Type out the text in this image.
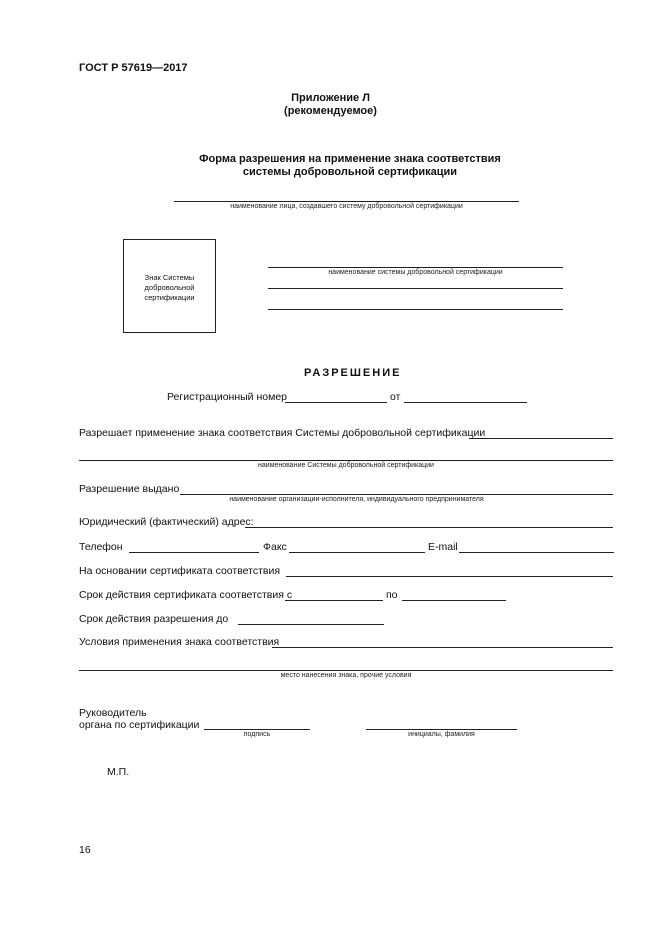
ГОСТ Р 57619—2017
Приложение Л
(рекомендуемое)
Форма разрешения на применение знака соответствия
системы добровольной сертификации
наименование лица, создавшего систему добровольной сертификации
Знак Системы
добровольной
сертификации
наименование системы добровольной сертификации
РАЗРЕШЕНИЕ
Регистрационный номер	от
Разрешает применение знака соответствия Системы добровольной сертификации
наименование Системы добровольной сертификации
Разрешение выдано
наименование организации-исполнителя, индивидуального предпринимателя
Юридический (фактический) адрес:
Телефон	Факс	E-mail
На основании сертификата соответствия
Срок действия сертификата соответствия с	по
Срок действия разрешения до
Условия применения знака соответствия
место нанесения знака, прочие условия
Руководитель
органа по сертификации
подпись	инициалы, фамилия
М.П.
16
